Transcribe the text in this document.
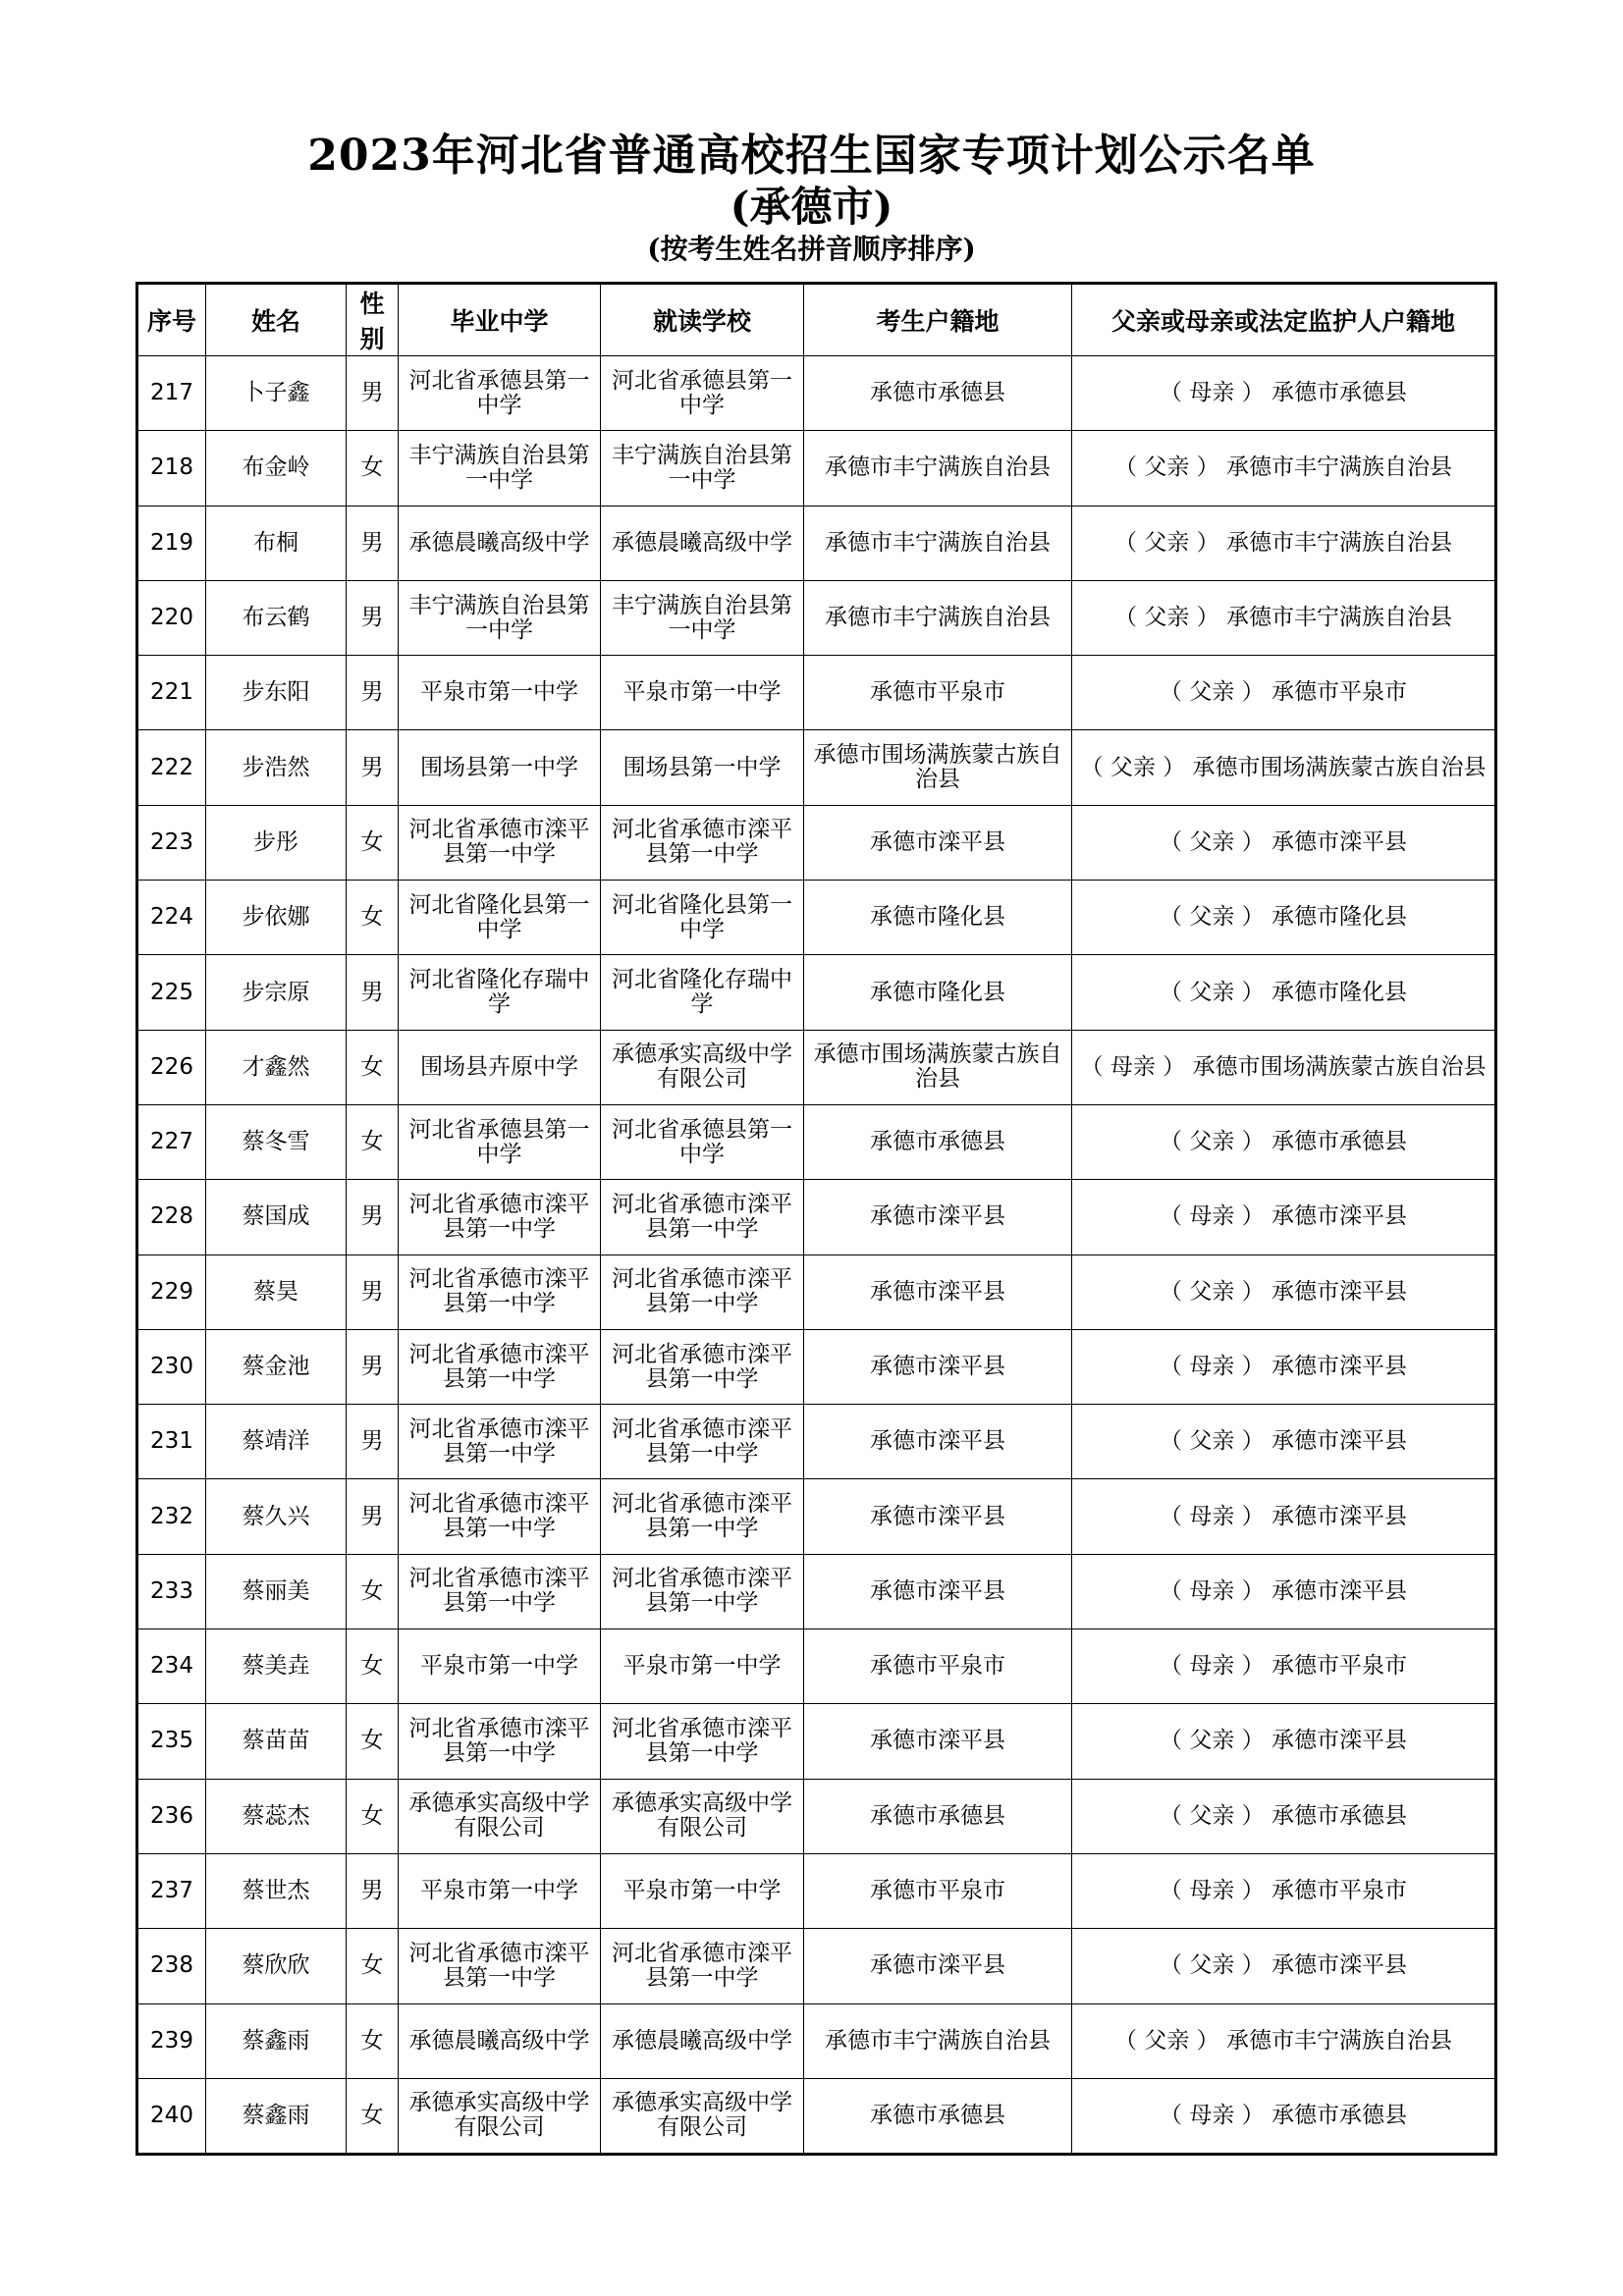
2023年河北省普通高校招生国家专项计划公示名单
(承德市)
(按考生姓名拼音顺序排序)
序号	姓名	性别	毕业中学	就读学校	考生户籍地	父亲或母亲或法定监护人户籍地
217	卜子鑫	男	河北省承德县第一中学	河北省承德县第一中学	承德市承德县	（ 母亲 ） 承德市承德县
218	布金岭	女	丰宁满族自治县第一中学	丰宁满族自治县第一中学	承德市丰宁满族自治县	（ 父亲 ） 承德市丰宁满族自治县
219	布桐	男	承德晨曦高级中学	承德晨曦高级中学	承德市丰宁满族自治县	（ 父亲 ） 承德市丰宁满族自治县
220	布云鹤	男	丰宁满族自治县第一中学	丰宁满族自治县第一中学	承德市丰宁满族自治县	（ 父亲 ） 承德市丰宁满族自治县
221	步东阳	男	平泉市第一中学	平泉市第一中学	承德市平泉市	（ 父亲 ） 承德市平泉市
222	步浩然	男	围场县第一中学	围场县第一中学	承德市围场满族蒙古族自治县	（ 父亲 ） 承德市围场满族蒙古族自治县
223	步彤	女	河北省承德市滦平县第一中学	河北省承德市滦平县第一中学	承德市滦平县	（ 父亲 ） 承德市滦平县
224	步依娜	女	河北省隆化县第一中学	河北省隆化县第一中学	承德市隆化县	（ 父亲 ） 承德市隆化县
225	步宗原	男	河北省隆化存瑞中学	河北省隆化存瑞中学	承德市隆化县	（ 父亲 ） 承德市隆化县
226	才鑫然	女	围场县卉原中学	承德承实高级中学有限公司	承德市围场满族蒙古族自治县	（ 母亲 ） 承德市围场满族蒙古族自治县
227	蔡冬雪	女	河北省承德县第一中学	河北省承德县第一中学	承德市承德县	（ 父亲 ） 承德市承德县
228	蔡国成	男	河北省承德市滦平县第一中学	河北省承德市滦平县第一中学	承德市滦平县	（ 母亲 ） 承德市滦平县
229	蔡昊	男	河北省承德市滦平县第一中学	河北省承德市滦平县第一中学	承德市滦平县	（ 父亲 ） 承德市滦平县
230	蔡金池	男	河北省承德市滦平县第一中学	河北省承德市滦平县第一中学	承德市滦平县	（ 母亲 ） 承德市滦平县
231	蔡靖洋	男	河北省承德市滦平县第一中学	河北省承德市滦平县第一中学	承德市滦平县	（ 父亲 ） 承德市滦平县
232	蔡久兴	男	河北省承德市滦平县第一中学	河北省承德市滦平县第一中学	承德市滦平县	（ 母亲 ） 承德市滦平县
233	蔡丽美	女	河北省承德市滦平县第一中学	河北省承德市滦平县第一中学	承德市滦平县	（ 母亲 ） 承德市滦平县
234	蔡美垚	女	平泉市第一中学	平泉市第一中学	承德市平泉市	（ 母亲 ） 承德市平泉市
235	蔡苗苗	女	河北省承德市滦平县第一中学	河北省承德市滦平县第一中学	承德市滦平县	（ 父亲 ） 承德市滦平县
236	蔡蕊杰	女	承德承实高级中学有限公司	承德承实高级中学有限公司	承德市承德县	（ 父亲 ） 承德市承德县
237	蔡世杰	男	平泉市第一中学	平泉市第一中学	承德市平泉市	（ 母亲 ） 承德市平泉市
238	蔡欣欣	女	河北省承德市滦平县第一中学	河北省承德市滦平县第一中学	承德市滦平县	（ 父亲 ） 承德市滦平县
239	蔡鑫雨	女	承德晨曦高级中学	承德晨曦高级中学	承德市丰宁满族自治县	（ 父亲 ） 承德市丰宁满族自治县
240	蔡鑫雨	女	承德承实高级中学有限公司	承德承实高级中学有限公司	承德市承德县	（ 母亲 ） 承德市承德县
